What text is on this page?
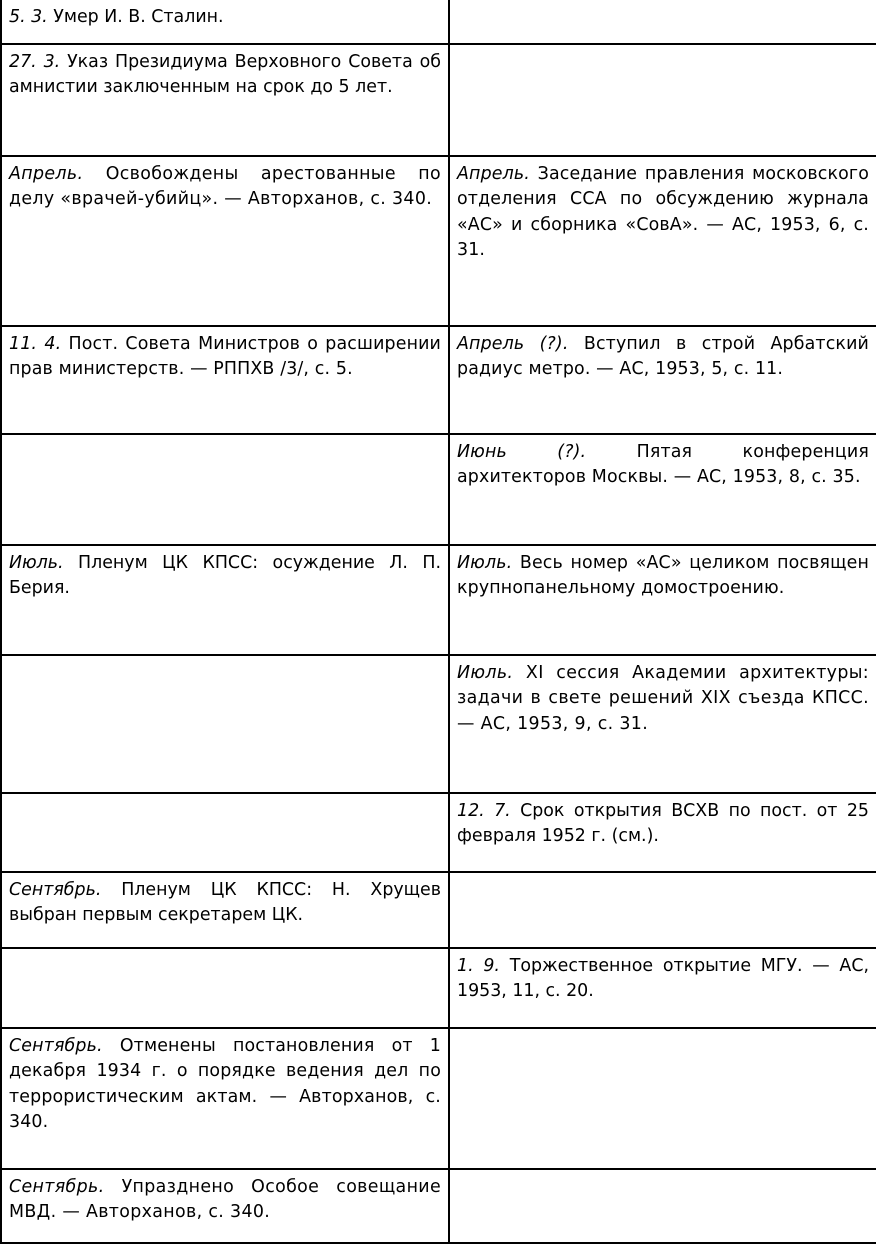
5. 3. Умер И. В. Сталин.	

27. 3. Указ Президиума Верховного Совета об амнистии заключенным на срок до 5 лет.	

Апрель. Освобождены арестованные по делу «врачей-убийц». — Авторханов, с. 340.	Апрель. Заседание правления московского отделения ССА по обсуждению журнала «АС» и сборника «СовА». — АС, 1953, 6, с. 31.

11. 4. Пост. Совета Министров о расширении прав министерств. — РППХВ /3/, с. 5.	Апрель (?). Вступил в строй Арбатский радиус метро. — АС, 1953, 5, с. 11.

	Июнь (?). Пятая конференция архитекторов Москвы. — АС, 1953, 8, с. 35.

Июль. Пленум ЦК КПСС: осуждение Л. П. Берия.	Июль. Весь номер «АС» целиком посвящен крупнопанельному домостроению.

	Июль. XI сессия Академии архитектуры: задачи в свете решений XIX съезда КПСС. — АС, 1953, 9, с. 31.

	12. 7. Срок открытия ВСХВ по пост. от 25 февраля 1952 г. (см.).

Сентябрь. Пленум ЦК КПСС: Н. Хрущев выбран первым секретарем ЦК.	

	1. 9. Торжественное открытие МГУ. — АС, 1953, 11, с. 20.

Сентябрь. Отменены постановления от 1 декабря 1934 г. о порядке ведения дел по террористическим актам. — Авторханов, с. 340.	

Сентябрь. Упразднено Особое совещание МВД. — Авторханов, с. 340.	
